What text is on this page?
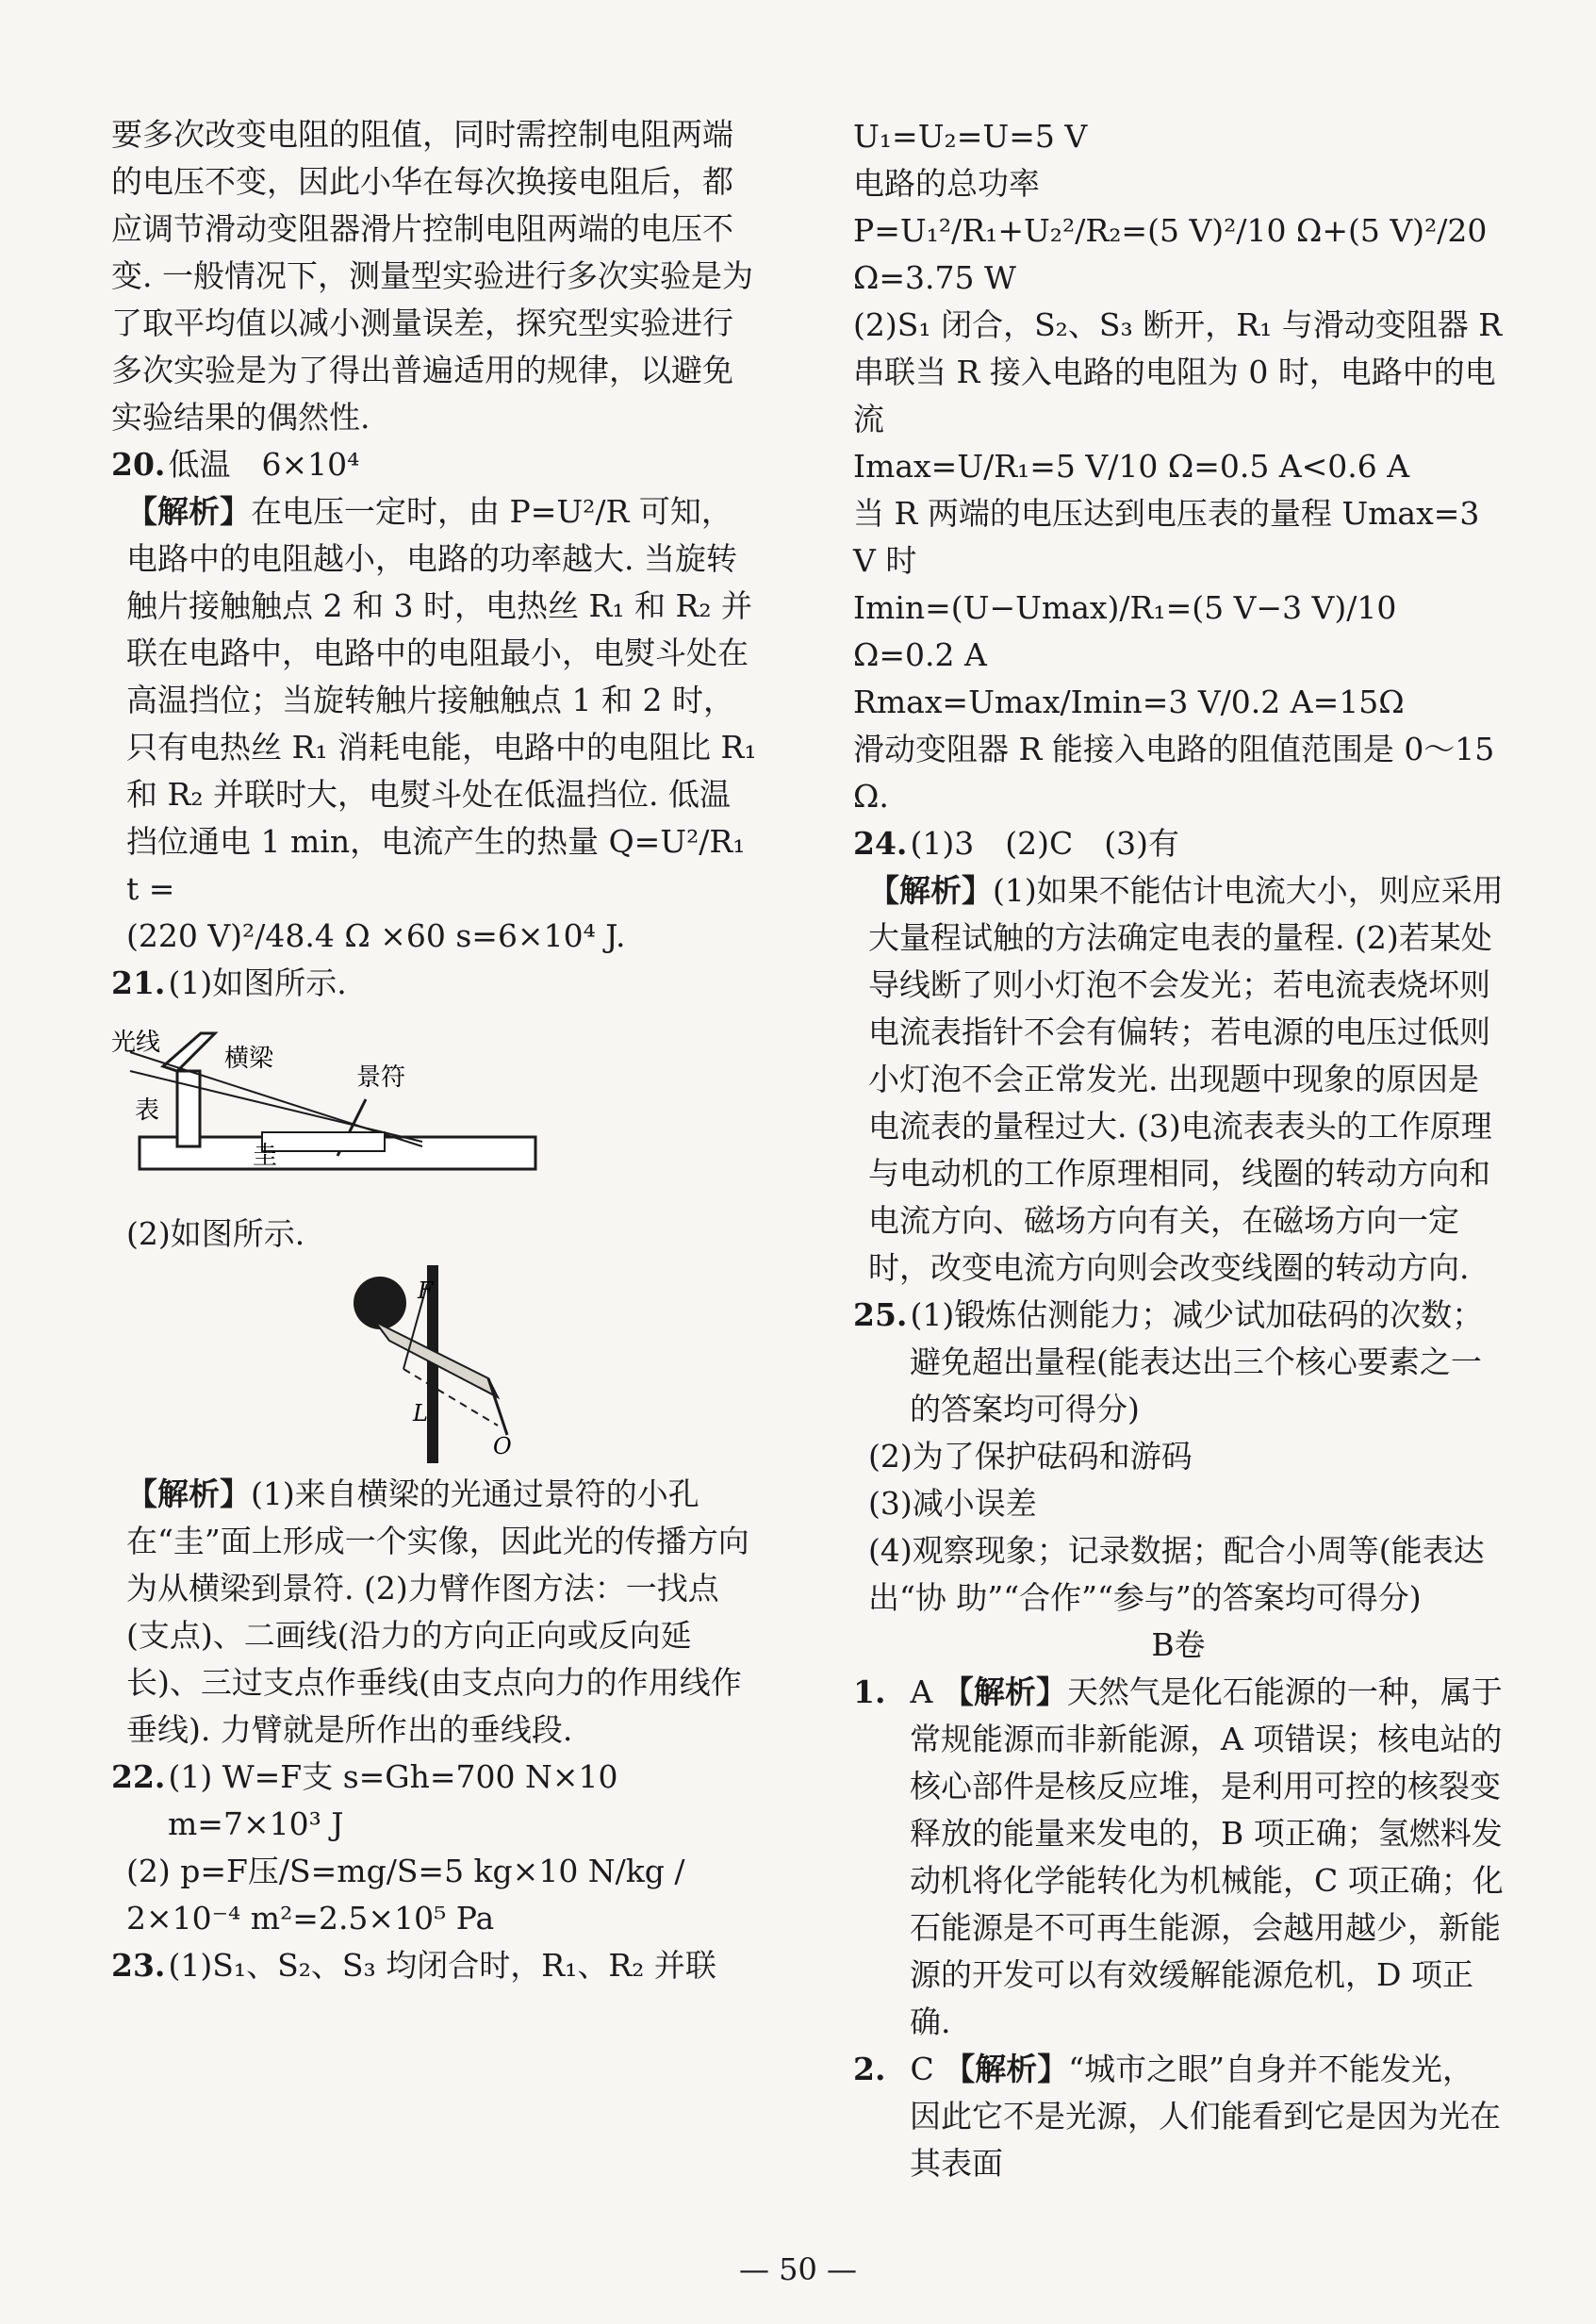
要多次改变电阻的阻值，同时需控制电阻两端的电压不变，因此小华在每次换接电阻后，都应调节滑动变阻器滑片控制电阻两端的电压不变. 一般情况下，测量型实验进行多次实验是为了取平均值以减小测量误差，探究型实验进行多次实验是为了得出普遍适用的规律，以避免实验结果的偶然性.

20. 低温　6×10⁴

【解析】在电压一定时，由 P=U²/R 可知，电路中的电阻越小，电路的功率越大. 当旋转触片接触触点 2 和 3 时，电热丝 R₁ 和 R₂ 并联在电路中，电路中的电阻最小，电熨斗处在高温挡位；当旋转触片接触触点 1 和 2 时，只有电热丝 R₁ 消耗电能，电路中的电阻比 R₁ 和 R₂ 并联时大，电熨斗处在低温挡位. 低温挡位通电 1 min，电流产生的热量 Q=U²/R₁ t =

(220 V)²/48.4 Ω ×60 s=6×10⁴ J.

21. (1)如图所示.
光线
横梁
景符
表
圭

(2)如图所示.

F
L
O

【解析】(1)来自横梁的光通过景符的小孔在“圭”面上形成一个实像，因此光的传播方向为从横梁到景符. (2)力臂作图方法：一找点(支点)、二画线(沿力的方向正向或反向延长)、三过支点作垂线(由支点向力的作用线作垂线). 力臂就是所作出的垂线段.

22. (1) W=F支 s=Gh=700 N×10 m=7×10³ J

(2) p=F压/S=mg/S=5 kg×10 N/kg / 2×10⁻⁴ m²=2.5×10⁵ Pa

23. (1)S₁、S₂、S₃ 均闭合时，R₁、R₂ 并联

U₁=U₂=U=5 V

电路的总功率

P=U₁²/R₁+U₂²/R₂=(5 V)²/10 Ω+(5 V)²/20 Ω=3.75 W

(2)S₁ 闭合，S₂、S₃ 断开，R₁ 与滑动变阻器 R 串联当 R 接入电路的电阻为 0 时，电路中的电流

Imax=U/R₁=5 V/10 Ω=0.5 A<0.6 A

当 R 两端的电压达到电压表的量程 Umax=3 V 时

Imin=(U−Umax)/R₁=(5 V−3 V)/10 Ω=0.2 A

Rmax=Umax/Imin=3 V/0.2 A=15Ω

滑动变阻器 R 能接入电路的阻值范围是 0～15 Ω.

24. (1)3　(2)C　(3)有

【解析】(1)如果不能估计电流大小，则应采用大量程试触的方法确定电表的量程. (2)若某处导线断了则小灯泡不会发光；若电流表烧坏则电流表指针不会有偏转；若电源的电压过低则小灯泡不会正常发光. 出现题中现象的原因是电流表的量程过大. (3)电流表表头的工作原理与电动机的工作原理相同，线圈的转动方向和电流方向、磁场方向有关，在磁场方向一定时，改变电流方向则会改变线圈的转动方向.

25. (1)锻炼估测能力；减少试加砝码的次数；避免超出量程(能表达出三个核心要素之一的答案均可得分)

(2)为了保护砝码和游码

(3)减小误差

(4)观察现象；记录数据；配合小周等(能表达出“协 助”“合作”“参与”的答案均可得分)

B卷

1. A 【解析】天然气是化石能源的一种，属于常规能源而非新能源，A 项错误；核电站的核心部件是核反应堆，是利用可控的核裂变释放的能量来发电的，B 项正确；氢燃料发动机将化学能转化为机械能，C 项正确；化石能源是不可再生能源，会越用越少，新能源的开发可以有效缓解能源危机，D 项正确.
2. C 【解析】“城市之眼”自身并不能发光，因此它不是光源，人们能看到它是因为光在其表面
— 50 —
